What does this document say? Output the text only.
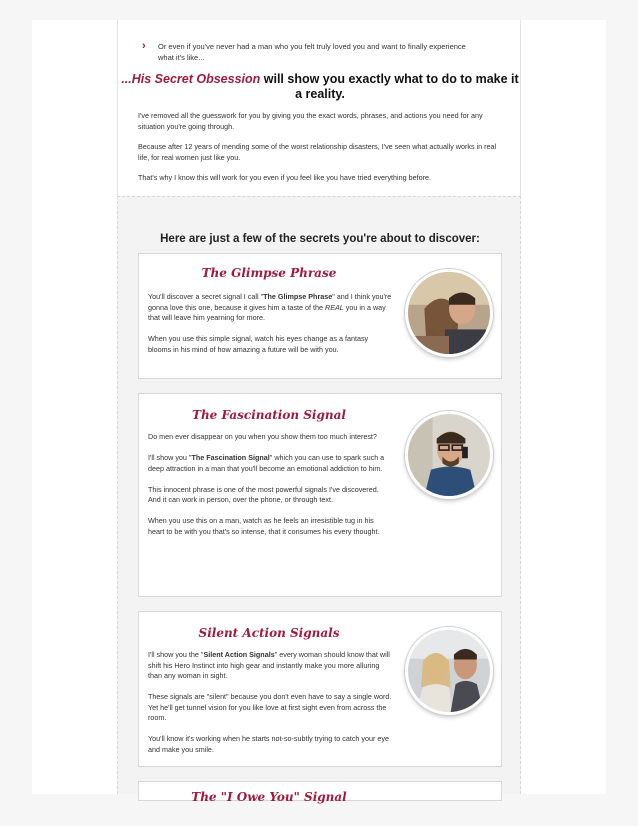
› Or even if you've never had a man who you felt truly loved you and want to finally experience what it's like...
...His Secret Obsession will show you exactly what to do to make it a reality.
I've removed all the guesswork for you by giving you the exact words, phrases, and actions you need for any situation you're going through.
Because after 12 years of mending some of the worst relationship disasters, I've seen what actually works in real life, for real women just like you.
That's why I know this will work for you even if you feel like you have tried everything before.
Here are just a few of the secrets you're about to discover:
The Glimpse Phrase

You'll discover a secret signal I call "The Glimpse Phrase" and I think you're gonna love this one, because it gives him a taste of the REAL you in a way that will leave him yearning for more.

When you use this simple signal, watch his eyes change as a fantasy blooms in his mind of how amazing a future will be with you.

The Fascination Signal

Do men ever disappear on you when you show them too much interest?

I'll show you "The Fascination Signal" which you can use to spark such a deep attraction in a man that you'll become an emotional addiction to him.

This innocent phrase is one of the most powerful signals I've discovered. And it can work in person, over the phone, or through text.

When you use this on a man, watch as he feels an irresistible tug in his heart to be with you that's so intense, that it consumes his every thought.

Silent Action Signals

I'll show you the "Silent Action Signals" every woman should know that will shift his Hero Instinct into high gear and instantly make you more alluring than any woman in sight.

These signals are "silent" because you don't even have to say a single word. Yet he'll get tunnel vision for you like love at first sight even from across the room.

You'll know it's working when he starts not-so-subtly trying to catch your eye and make you smile.

The "I Owe You" Signal
